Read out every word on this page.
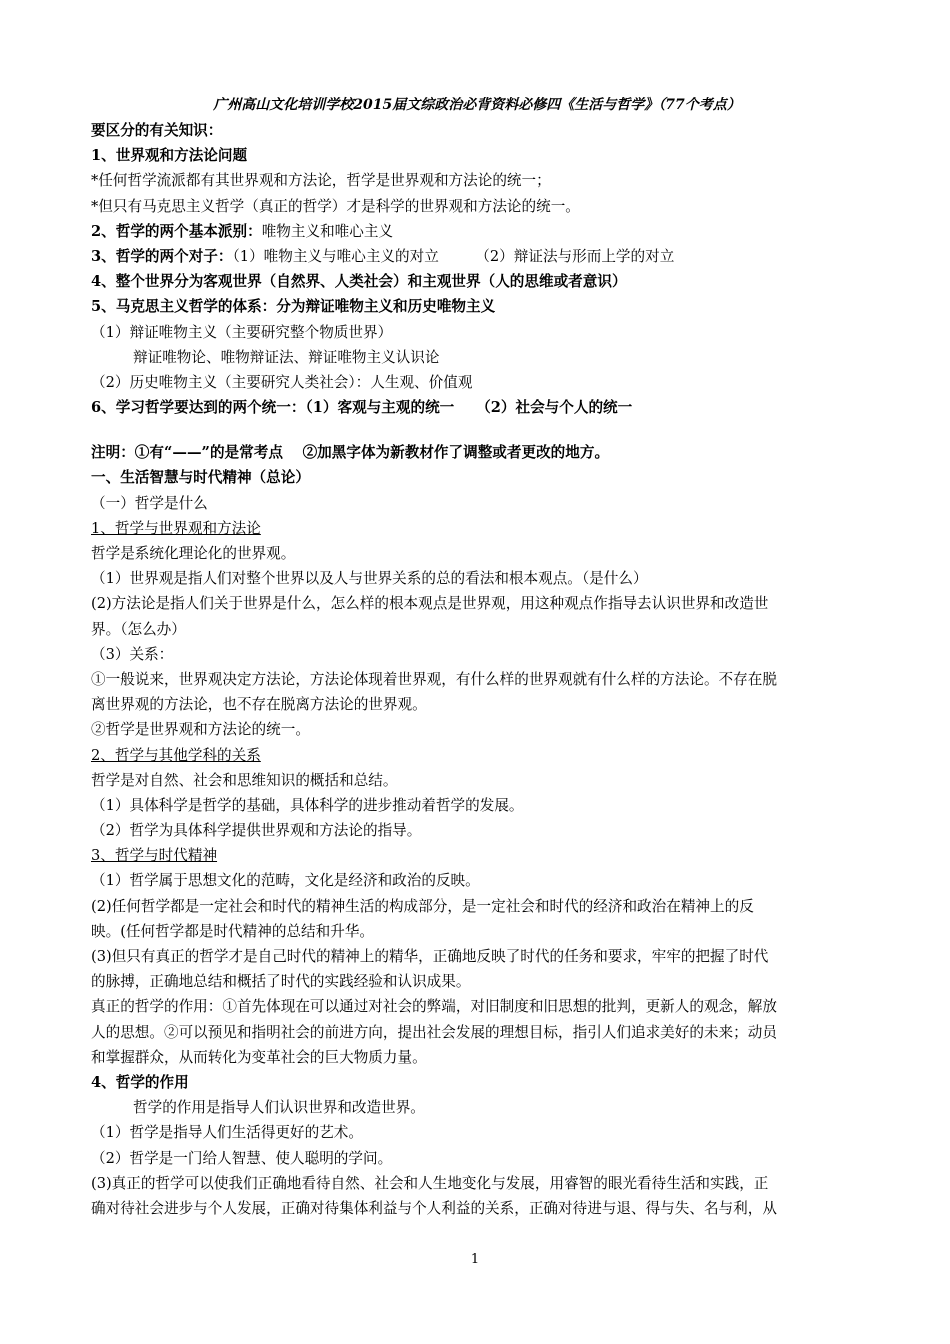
广州高山文化培训学校2015届文综政治必背资料必修四《生活与哲学》（77个考点）
要区分的有关知识：
1、世界观和方法论问题
*任何哲学流派都有其世界观和方法论，哲学是世界观和方法论的统一；
*但只有马克思主义哲学（真正的哲学）才是科学的世界观和方法论的统一。
2、哲学的两个基本派别：唯物主义和唯心主义
3、哲学的两个对子：（1）唯物主义与唯心主义的对立　　　（2）辩证法与形而上学的对立
4、整个世界分为客观世界（自然界、人类社会）和主观世界（人的思维或者意识）
5、马克思主义哲学的体系：分为辩证唯物主义和历史唯物主义
（1）辩证唯物主义（主要研究整个物质世界）
辩证唯物论、唯物辩证法、辩证唯物主义认识论
（2）历史唯物主义（主要研究人类社会）：人生观、价值观
6、学习哲学要达到的两个统一：（1）客观与主观的统一　　（2）社会与个人的统一
注明：①有“——”的是常考点　 ②加黑字体为新教材作了调整或者更改的地方。
一、生活智慧与时代精神（总论）
（一）哲学是什么
1、哲学与世界观和方法论
哲学是系统化理论化的世界观。
（1）世界观是指人们对整个世界以及人与世界关系的总的看法和根本观点。（是什么）
(2)方法论是指人们关于世界是什么，怎么样的根本观点是世界观，用这种观点作指导去认识世界和改造世
界。（怎么办）
（3）关系：
①一般说来，世界观决定方法论，方法论体现着世界观，有什么样的世界观就有什么样的方法论。不存在脱
离世界观的方法论，也不存在脱离方法论的世界观。
②哲学是世界观和方法论的统一。
2、哲学与其他学科的关系
哲学是对自然、社会和思维知识的概括和总结。
（1）具体科学是哲学的基础，具体科学的进步推动着哲学的发展。
（2）哲学为具体科学提供世界观和方法论的指导。
3、哲学与时代精神
（1）哲学属于思想文化的范畴，文化是经济和政治的反映。
(2)任何哲学都是一定社会和时代的精神生活的构成部分，是一定社会和时代的经济和政治在精神上的反
映。(任何哲学都是时代精神的总结和升华。
(3)但只有真正的哲学才是自己时代的精神上的精华，正确地反映了时代的任务和要求，牢牢的把握了时代
的脉搏，正确地总结和概括了时代的实践经验和认识成果。
真正的哲学的作用：①首先体现在可以通过对社会的弊端，对旧制度和旧思想的批判，更新人的观念，解放
人的思想。②可以预见和指明社会的前进方向，提出社会发展的理想目标，指引人们追求美好的未来；动员
和掌握群众，从而转化为变革社会的巨大物质力量。
4、哲学的作用
哲学的作用是指导人们认识世界和改造世界。
（1）哲学是指导人们生活得更好的艺术。
（2）哲学是一门给人智慧、使人聪明的学问。
(3)真正的哲学可以使我们正确地看待自然、社会和人生地变化与发展，用睿智的眼光看待生活和实践，正
确对待社会进步与个人发展，正确对待集体利益与个人利益的关系，正确对待进与退、得与失、名与利，从
1
